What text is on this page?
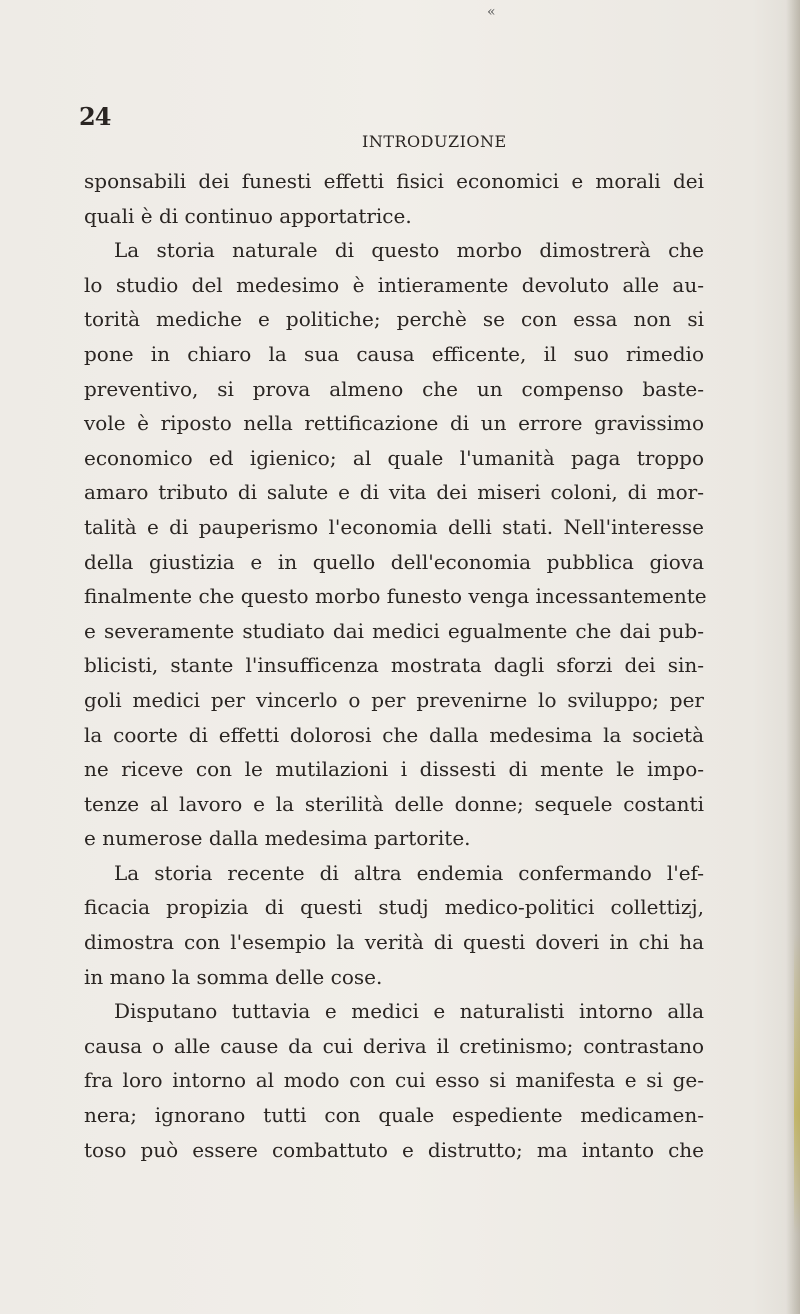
«
24
INTRODUZIONE
sponsabili dei funesti effetti fisici economici e morali dei
quali è di continuo apportatrice.
La storia naturale di questo morbo dimostrerà che
lo studio del medesimo è intieramente devoluto alle au-
torità mediche e politiche; perchè se con essa non si
pone in chiaro la sua causa efficente, il suo rimedio
preventivo, si prova almeno che un compenso baste-
vole è riposto nella rettificazione di un errore gravissimo
economico ed igienico; al quale l'umanità paga troppo
amaro tributo di salute e di vita dei miseri coloni, di mor-
talità e di pauperismo l'economia delli stati. Nell'interesse
della giustizia e in quello dell'economia pubblica giova
finalmente che questo morbo funesto venga incessantemente
e severamente studiato dai medici egualmente che dai pub-
blicisti, stante l'insufficenza mostrata dagli sforzi dei sin-
goli medici per vincerlo o per prevenirne lo sviluppo; per
la coorte di effetti dolorosi che dalla medesima la società
ne riceve con le mutilazioni i dissesti di mente le impo-
tenze al lavoro e la sterilità delle donne; sequele costanti
e numerose dalla medesima partorite.
La storia recente di altra endemia confermando l'ef-
ficacia propizia di questi studj medico-politici collettizj,
dimostra con l'esempio la verità di questi doveri in chi ha
in mano la somma delle cose.
Disputano tuttavia e medici e naturalisti intorno alla
causa o alle cause da cui deriva il cretinismo; contrastano
fra loro intorno al modo con cui esso si manifesta e si ge-
nera; ignorano tutti con quale espediente medicamen-
toso può essere combattuto e distrutto; ma intanto che
